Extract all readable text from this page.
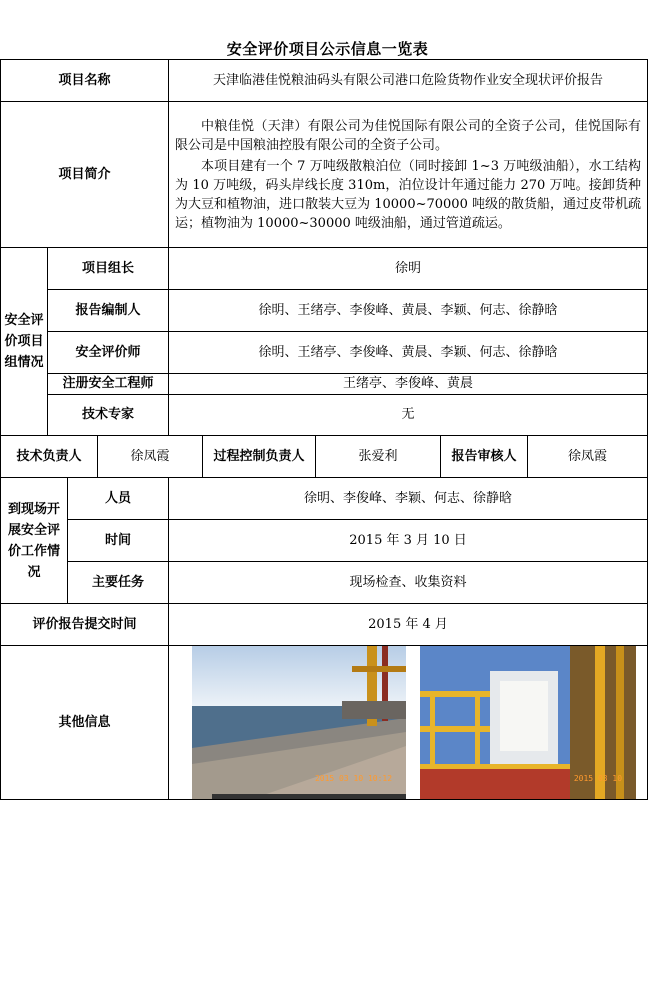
安全评价项目公示信息一览表
项目名称				天津临港佳悦粮油码头有限公司港口危险货物作业安全现状评价报告				
项目简介				中粮佳悦（天津）有限公司为佳悦国际有限公司的全资子公司，佳悦国际有限公司是中国粮油控股有限公司的全资子公司。

本项目建有一个 7 万吨级散粮泊位（同时接卸 1~3 万吨级油船），水工结构为 10 万吨级，码头岸线长度 310m，泊位设计年通过能力 270 万吨。接卸货种为大豆和植物油，进口散装大豆为 10000~70000 吨级的散货船，通过皮带机疏运；植物油为 10000~30000 吨级油船，通过管道疏运。				

安全评价项目组情况	项目组长			徐明				
	报告编制人			徐明、王绪亭、李俊峰、黄晨、李颖、何志、徐静晗				
	安全评价师			徐明、王绪亭、李俊峰、黄晨、李颖、何志、徐静晗				
	注册安全工程师			王绪亭、李俊峰、黄晨				
	技术专家			无				
技术负责人			徐凤霞		过程控制负责人	张爱利	报告审核人	徐凤霞
到现场开展安全评价工作情况		人员		徐明、李俊峰、李颖、何志、徐静晗				
		时间		2015 年 3 月 10 日				
		主要任务		现场检查、收集资料				
评价报告提交时间				2015 年 4 月				
其他信息				2015 03 10 10:12 2015 03 10				
